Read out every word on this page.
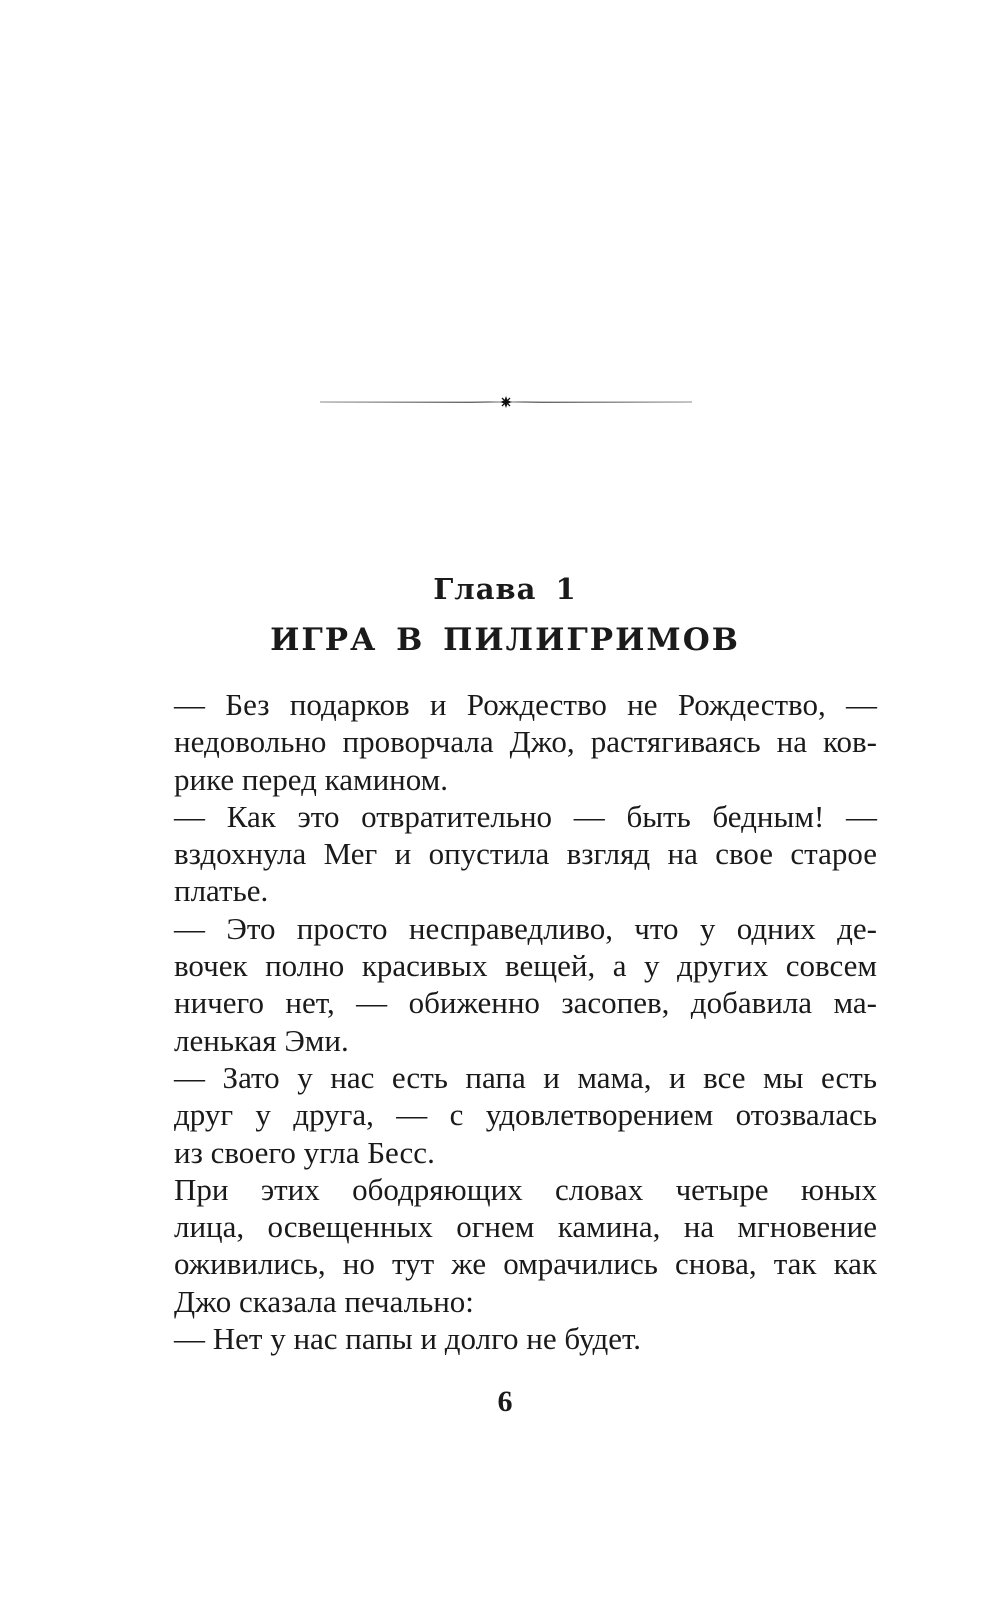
Глава 1
ИГРА В ПИЛИГРИМОВ

— Без подарков и Рождество не Рождество, —
недовольно проворчала Джо, растягиваясь на ков-
рике перед камином.

— Как это отвратительно — быть бедным! —
вздохнула Мег и опустила взгляд на свое старое
платье.

— Это просто несправедливо, что у одних де-
вочек полно красивых вещей, а у других совсем
ничего нет, — обиженно засопев, добавила ма-
ленькая Эми.

— Зато у нас есть папа и мама, и все мы есть
друг у друга, — с удовлетворением отозвалась
из своего угла Бесс.

При этих ободряющих словах четыре юных
лица, освещенных огнем камина, на мгновение
оживились, но тут же омрачились снова, так как
Джо сказала печально:

— Нет у нас папы и долго не будет.

6
